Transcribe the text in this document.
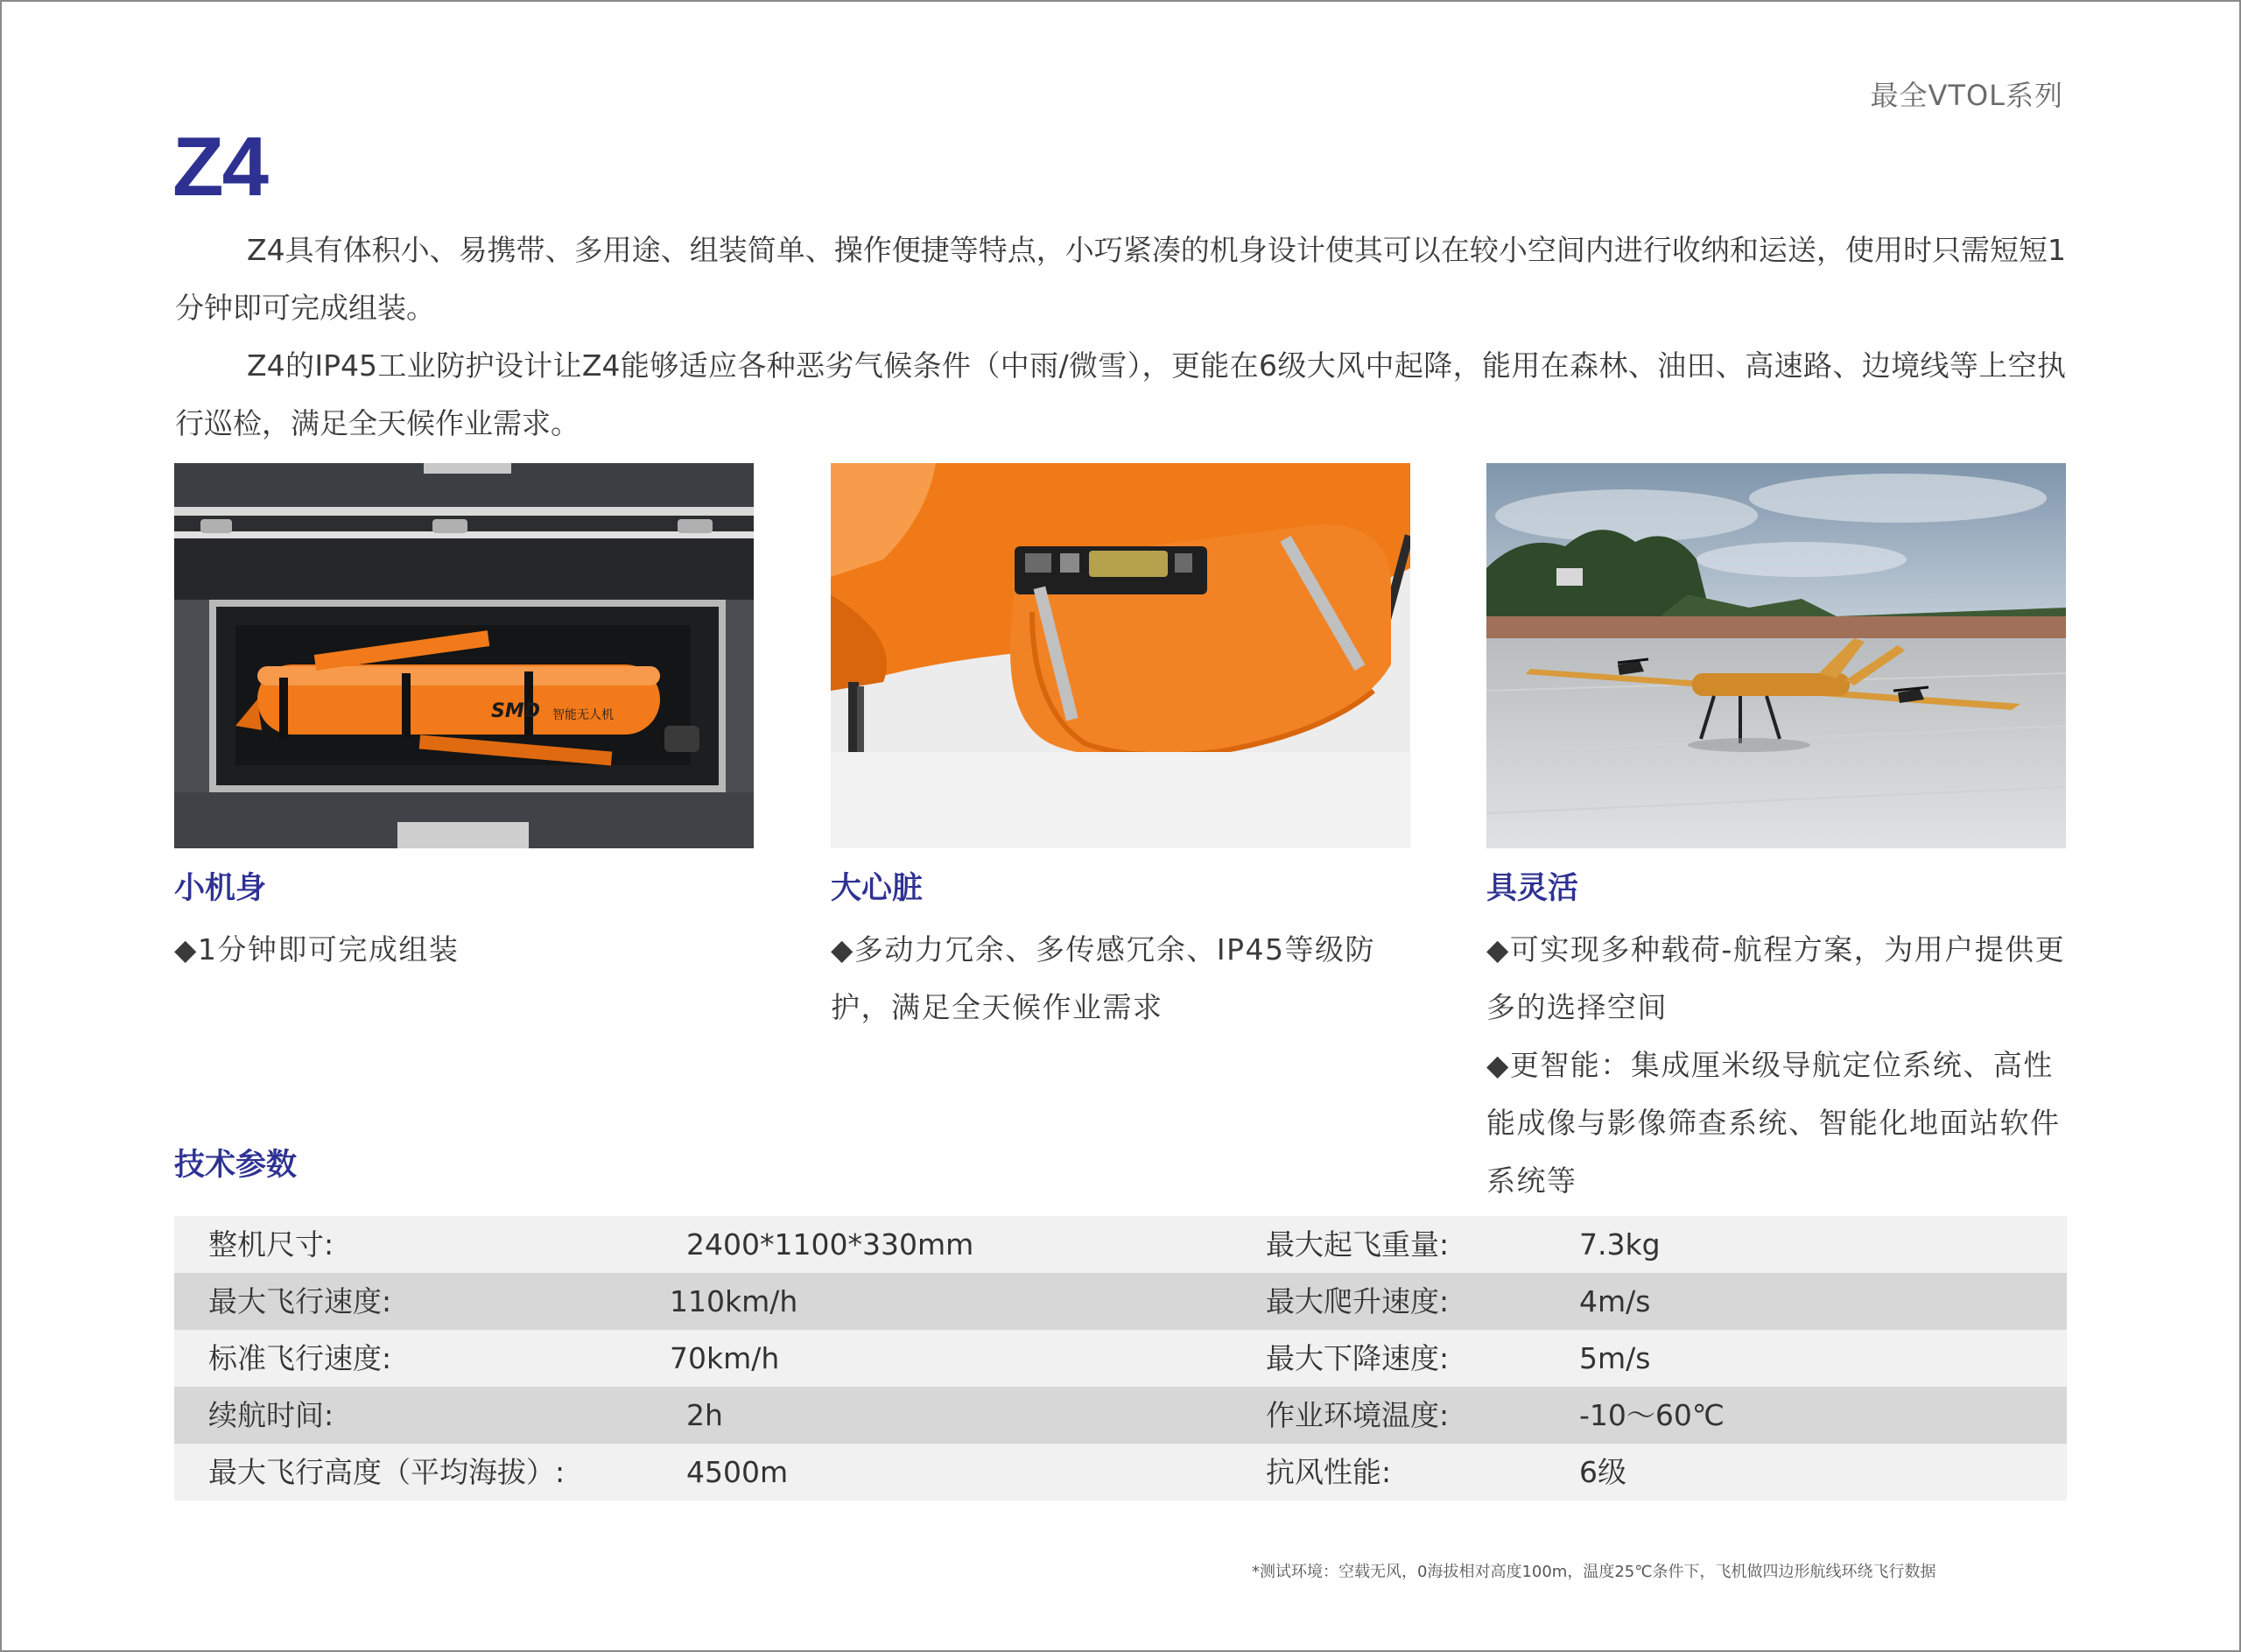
最全VTOL系列
Z4

Z4具有体积小、易携带、多用途、组装简单、操作便捷等特点，小巧紧凑的机身设计使其可以在较小空间内进行收纳和运送，使用时只需短短1分钟即可完成组装。

Z4的IP45工业防护设计让Z4能够适应各种恶劣气候条件（中雨/微雪），更能在6级大风中起降，能用在森林、油田、高速路、边境线等上空执行巡检，满足全天候作业需求。

SMD 智能无人机
小机身

◆1分钟即可完成组装

大心脏

◆多动力冗余、多传感冗余、IP45等级防护，满足全天候作业需求

具灵活

◆可实现多种载荷-航程方案，为用户提供更多的选择空间

◆更智能：集成厘米级导航定位系统、高性能成像与影像筛查系统、智能化地面站软件系统等

技术参数
整机尺寸:	2400*1100*330mm	最大起飞重量:	7.3kg
最大飞行速度:	110km/h	最大爬升速度:	4m/s
标准飞行速度:	70km/h	最大下降速度:	5m/s
续航时间:	2h	作业环境温度:	-10～60℃
最大飞行高度（平均海拔）:	4500m	抗风性能:	6级
*测试环境：空载无风，0海拔相对高度100m，温度25℃条件下，飞机做四边形航线环绕飞行数据
